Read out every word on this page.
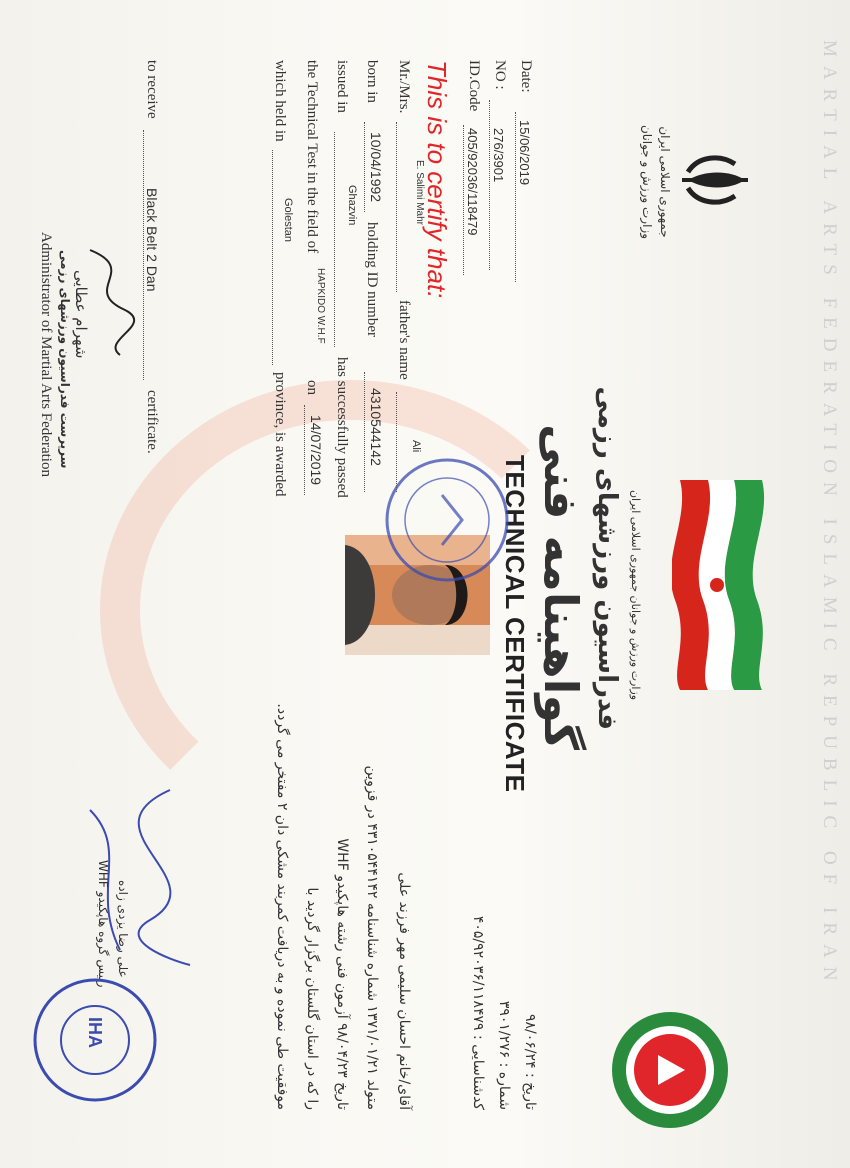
MARTIAL ARTS FEDERATION ISLAMIC REPUBLIC OF IRAN
جمهوری اسلامی ایران
وزارت ورزش و جوانان
وزارت ورزش و جوانان جمهوری اسلامی ایران
فدراسیون ورزشهای رزمی
گواهینامه فنی
TECHNICAL CERTIFICATE
Date:
15/06/2019
NO :
276/3901
ID.Code
405/92036/118479
تاریخ : ۹۸/۰۶/۲۴
شماره : ۳۹۰۱/۲۷۶
کدشناسایی : ۴۰۵/۹۲۰۳۶/۱۱۸۴۷۹
This is to certify that:
Mr./Mrs.
E. Salimi Mahr
father's name
Ali
born in
10/04/1992
holding ID number
4310544142
issued in
Ghazvin
has successfully passed
the Technical Test in the field of
HAPKIDO W.H.F
on
14/07/2019
which held in
Golestan
province, is awarded
to receive
Black Belt 2 Dan
certificate.
شهرام عطایی
سرپرست فدراسیون ورزشهای رزمی
Administrator of Martial Arts Federation
آقای/خانم احسان سلیمی مهر فرزند علی
متولد ۱۳۷۱/۰۱/۲۱ شماره شناسنامه ۴۳۱۰۵۴۴۱۴۲ در قزوین
تاریخ ۹۸/۰۴/۲۳ آزمون فنی رشته هاپکیدو WHF
را که در استان گلستان برگزار گردید با
موفقیت طی نموده و به دریافت کمربند مشکی دان ۲ مفتخر می گردد.
علی رضا یزدی زاده
رییس گروه هاپکیدو WHF
IHA
